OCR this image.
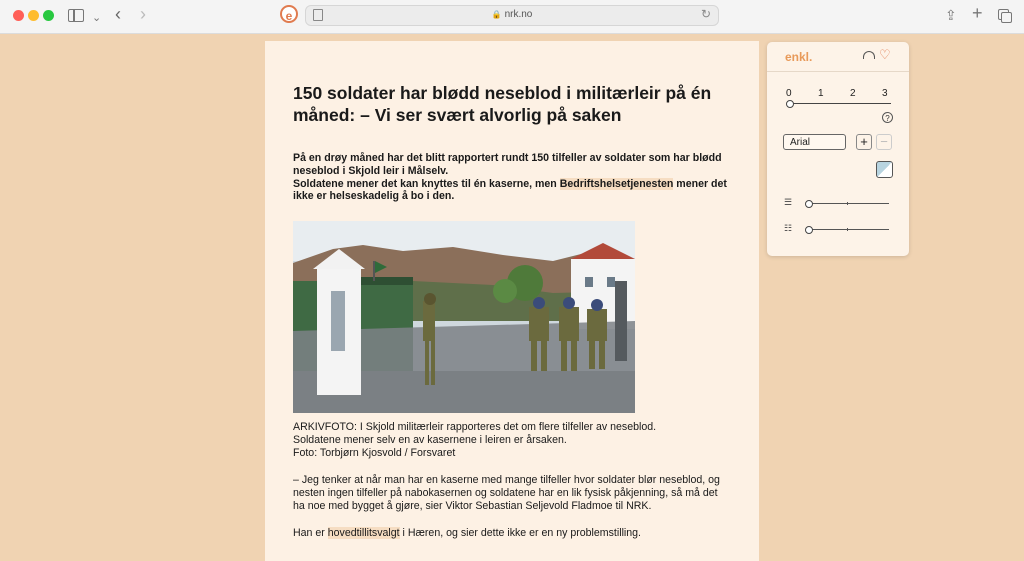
⌄ ‹ ›	e	🔒 nrk.no	↻	⇪ +
150 soldater har blødd neseblod i militærleir på én måned: – Vi ser svært alvorlig på saken

På en drøy måned har det blitt rapportert rundt 150 tilfeller av soldater som har blødd neseblod i Skjold leir i Målselv.
Soldatene mener det kan knyttes til én kaserne, men Bedriftshelsetjenesten mener det ikke er helseskadelig å bo i den.

ARKIVFOTO: I Skjold militærleir rapporteres det om flere tilfeller av neseblod.

Soldatene mener selv en av kasernene i leiren er årsaken.

Foto: Torbjørn Kjosvold / Forsvaret

– Jeg tenker at når man har en kaserne med mange tilfeller hvor soldater blør neseblod, og nesten ingen tilfeller på nabokasernen og soldatene har en lik fysisk påkjenning, så må det ha noe med bygget å gjøre, sier Viktor Sebastian Seljevold Fladmoe til NRK.

Han er hovedtillitsvalgt i Hæren, og sier dette ikke er en ny problemstilling.

enkl.	♡
0	1	2	3
?
Arial	+ −
☰
☷
